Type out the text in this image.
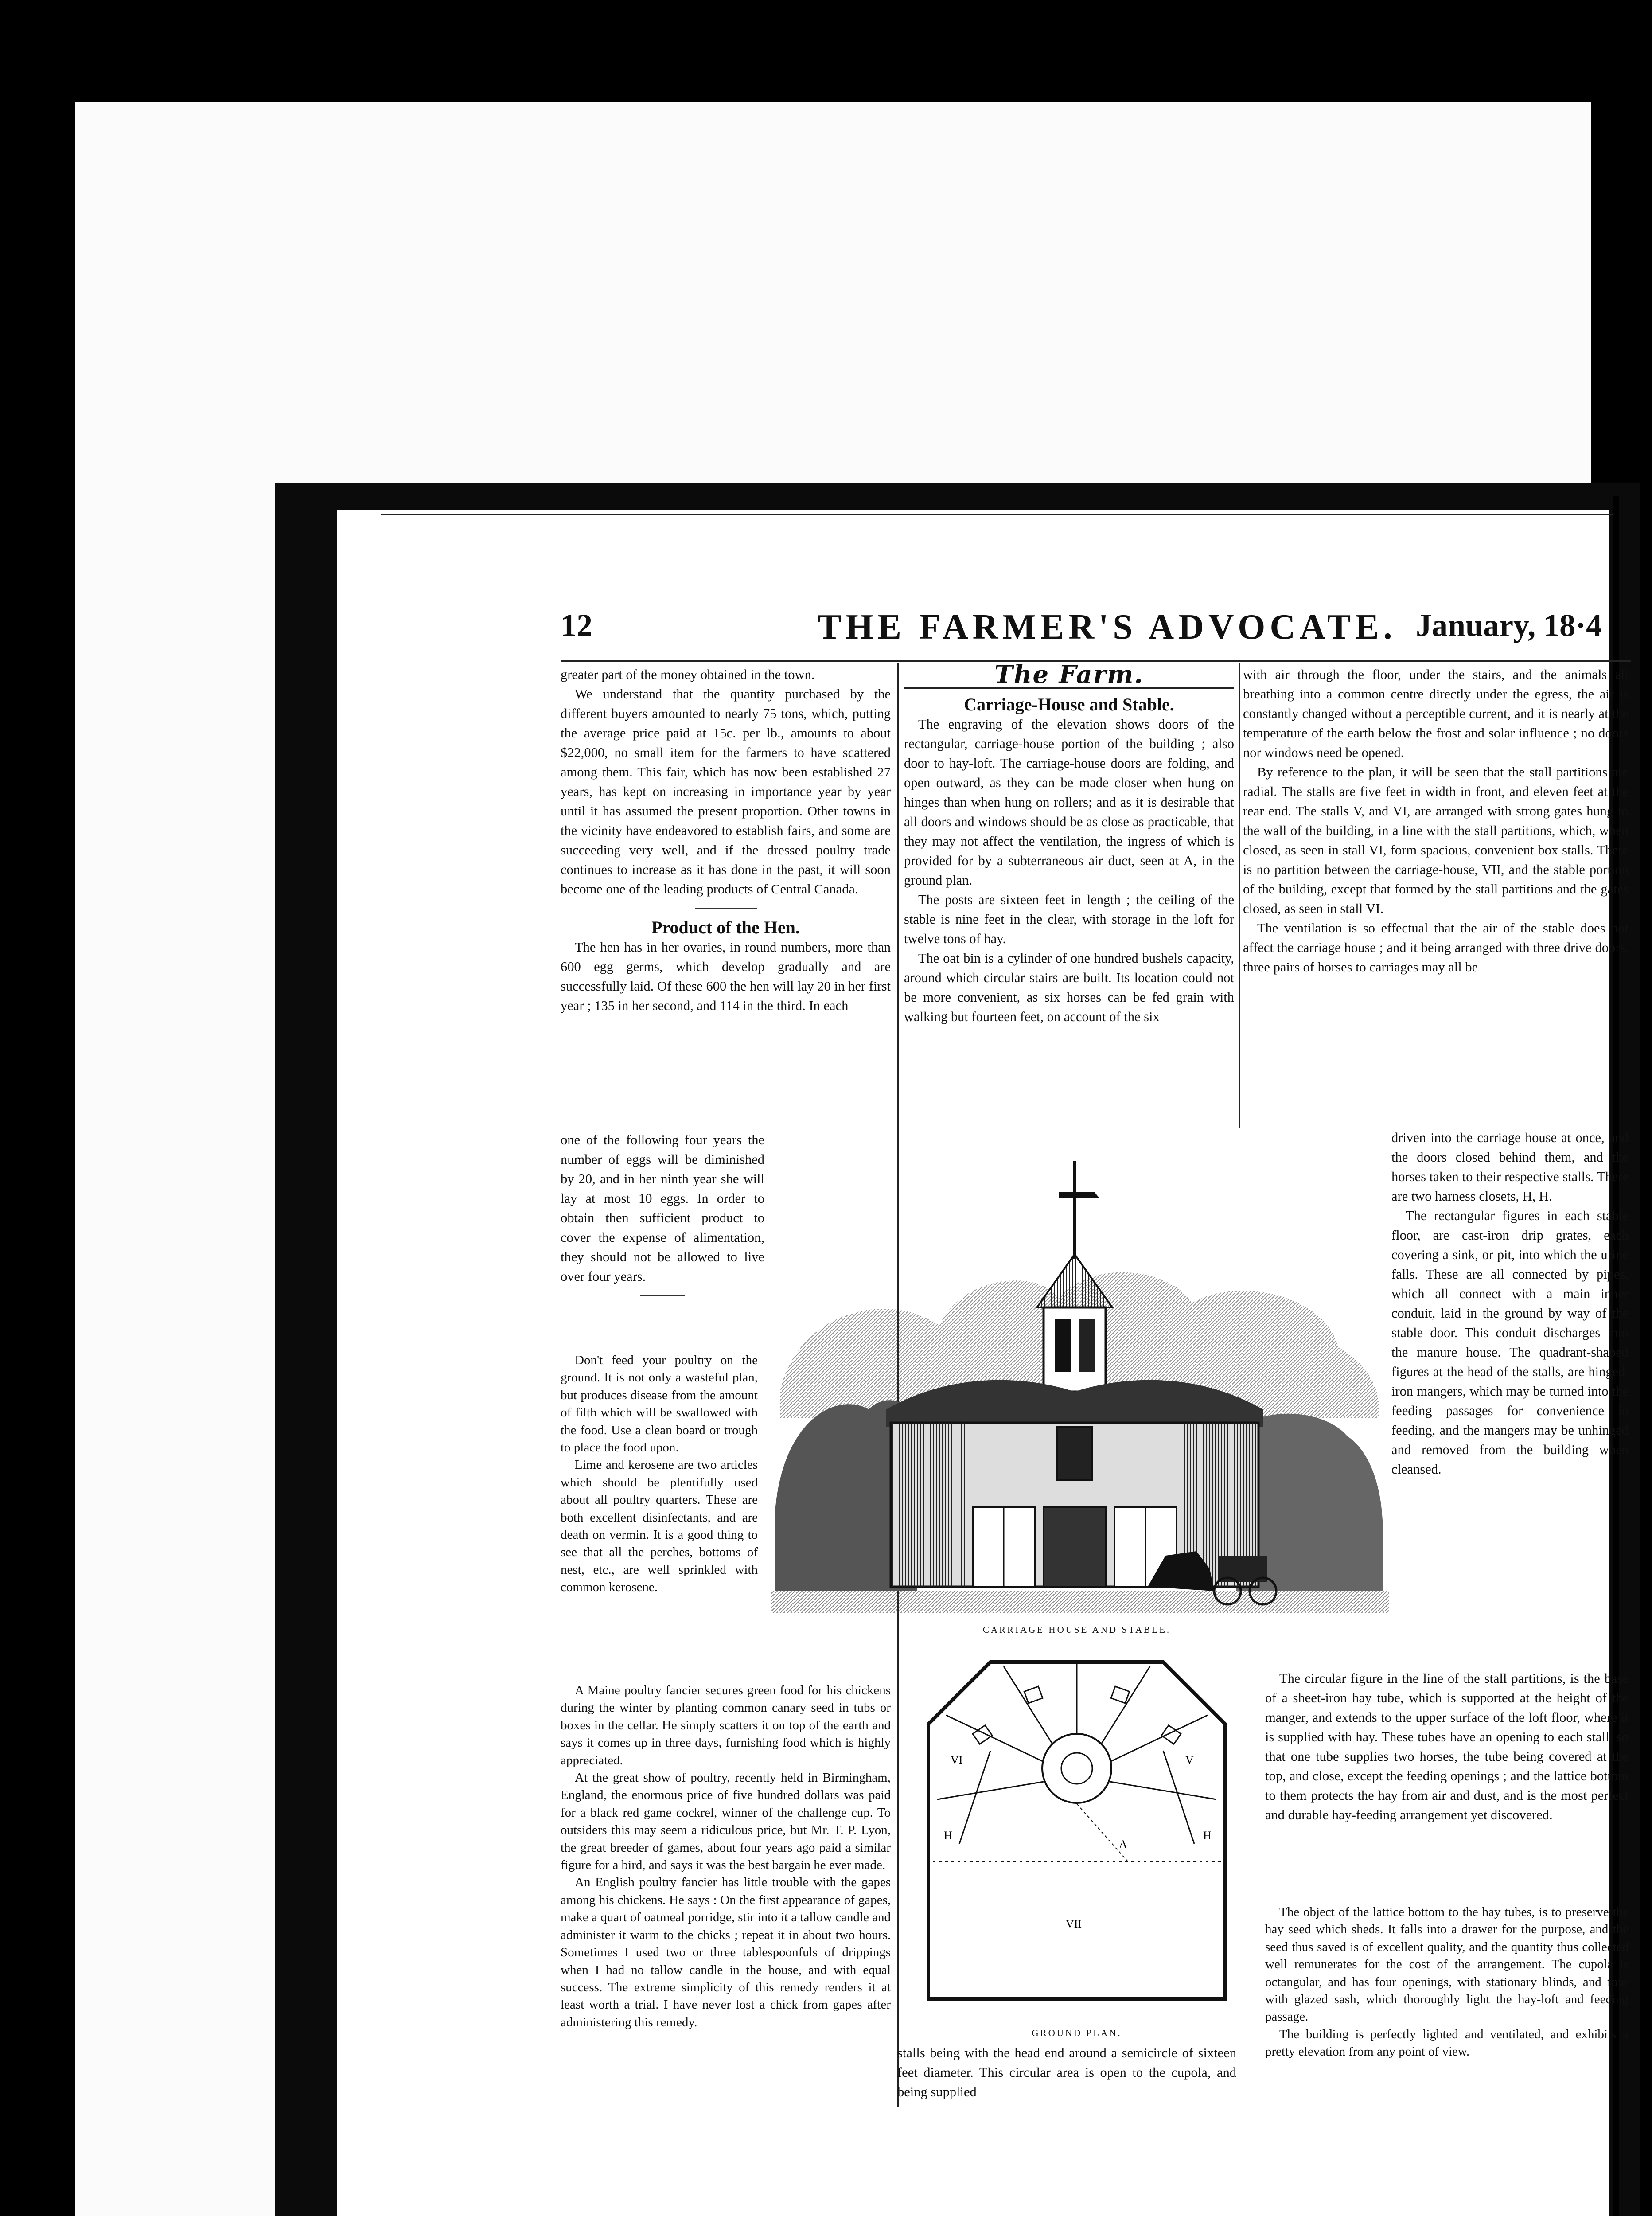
12	THE FARMER'S ADVOCATE. January, 18·4

greater part of the money obtained in the town.

We understand that the quantity purchased by the different buyers amounted to nearly 75 tons, which, putting the average price paid at 15c. per lb., amounts to about $22,000, no small item for the farmers to have scattered among them. This fair, which has now been established 27 years, has kept on increasing in importance year by year until it has assumed the present proportion. Other towns in the vicinity have endeavored to establish fairs, and some are succeeding very well, and if the dressed poultry trade continues to increase as it has done in the past, it will soon become one of the leading products of Central Canada.

Product of the Hen.

The hen has in her ovaries, in round numbers, more than 600 egg germs, which develop gradually and are successfully laid. Of these 600 the hen will lay 20 in her first year ; 135 in her second, and 114 in the third. In each

one of the following four years the number of eggs will be diminished by 20, and in her ninth year she will lay at most 10 eggs. In order to obtain then sufficient product to cover the expense of alimentation, they should not be allowed to live over four years.

Don't feed your poultry on the ground. It is not only a wasteful plan, but produces disease from the amount of filth which will be swallowed with the food. Use a clean board or trough to place the food upon.

Lime and kerosene are two articles which should be plentifully used about all poultry quarters. These are both excellent disinfectants, and are death on vermin. It is a good thing to see that all the perches, bottoms of nest, etc., are well sprinkled with common kerosene.

A Maine poultry fancier secures green food for his chickens during the winter by planting common canary seed in tubs or boxes in the cellar. He simply scatters it on top of the earth and says it comes up in three days, furnishing food which is highly appreciated.

At the great show of poultry, recently held in Birmingham, England, the enormous price of five hundred dollars was paid for a black red game cockrel, winner of the challenge cup. To outsiders this may seem a ridiculous price, but Mr. T. P. Lyon, the great breeder of games, about four years ago paid a similar figure for a bird, and says it was the best bargain he ever made.

An English poultry fancier has little trouble with the gapes among his chickens. He says : On the first appearance of gapes, make a quart of oatmeal porridge, stir into it a tallow candle and administer it warm to the chicks ; repeat it in about two hours. Sometimes I used two or three tablespoonfuls of drippings when I had no tallow candle in the house, and with equal success. The extreme simplicity of this remedy renders it at least worth a trial. I have never lost a chick from gapes after administering this remedy.

The Farm.
Carriage-House and Stable.

The engraving of the elevation shows doors of the rectangular, carriage-house portion of the building ; also door to hay-loft. The carriage-house doors are folding, and open outward, as they can be made closer when hung on hinges than when hung on rollers; and as it is desirable that all doors and windows should be as close as practicable, that they may not affect the ventilation, the ingress of which is provided for by a subterraneous air duct, seen at A, in the ground plan.

The posts are sixteen feet in length ; the ceiling of the stable is nine feet in the clear, with storage in the loft for twelve tons of hay.

The oat bin is a cylinder of one hundred bushels capacity, around which circular stairs are built. Its location could not be more convenient, as six horses can be fed grain with walking but fourteen feet, on account of the six

stalls being with the head end around a semicircle of sixteen feet diameter. This circular area is open to the cupola, and being supplied

with air through the floor, under the stairs, and the animals all breathing into a common centre directly under the egress, the air is constantly changed without a perceptible current, and it is nearly at the temperature of the earth below the frost and solar influence ; no doors nor windows need be opened.

By reference to the plan, it will be seen that the stall partitions are radial. The stalls are five feet in width in front, and eleven feet at the rear end. The stalls V, and VI, are arranged with strong gates hung to the wall of the building, in a line with the stall partitions, which, when closed, as seen in stall VI, form spacious, convenient box stalls. There is no partition between the carriage-house, VII, and the stable portion of the building, except that formed by the stall partitions and the gates closed, as seen in stall VI.

The ventilation is so effectual that the air of the stable does not affect the carriage house ; and it being arranged with three drive doors, three pairs of horses to carriages may all be

driven into the carriage house at once, and the doors closed behind them, and the horses taken to their respective stalls. There are two harness closets, H, H.

The rectangular figures in each stable floor, are cast-iron drip grates, each covering a sink, or pit, into which the urine falls. These are all connected by pipes, which all connect with a main inner conduit, laid in the ground by way of the stable door. This conduit discharges into the manure house. The quadrant-shaped figures at the head of the stalls, are hinged, iron mangers, which may be turned into the feeding passages for convenience in feeding, and the mangers may be unhinged and removed from the building when cleansed.

The circular figure in the line of the stall partitions, is the base of a sheet-iron hay tube, which is supported at the height of the manger, and extends to the upper surface of the loft floor, where it is supplied with hay. These tubes have an opening to each stall, so that one tube supplies two horses, the tube being covered at the top, and close, except the feeding openings ; and the lattice bottom to them protects the hay from air and dust, and is the most perfect and durable hay-feeding arrangement yet discovered.

The object of the lattice bottom to the hay tubes, is to preserve the hay seed which sheds. It falls into a drawer for the purpose, and the seed thus saved is of excellent quality, and the quantity thus collected well remunerates for the cost of the arrangement. The cupola is octangular, and has four openings, with stationary blinds, and four with glazed sash, which thoroughly light the hay-loft and feeding passage.

The building is perfectly lighted and ventilated, and exhibits a pretty elevation from any point of view.

CARRIAGE HOUSE AND STABLE.
VI	V
VII
A
H	H
GROUND PLAN.
